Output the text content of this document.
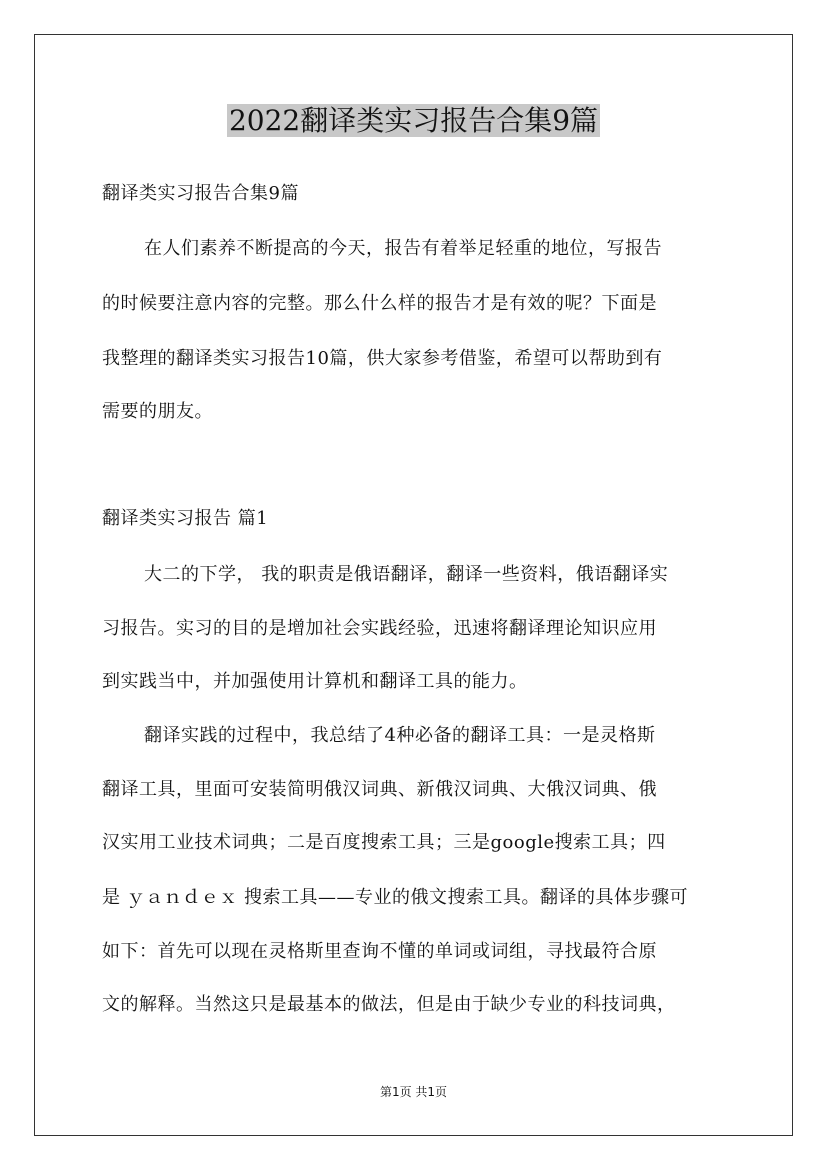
2022翻译类实习报告合集9篇
翻译类实习报告合集9篇
在人们素养不断提高的今天，报告有着举足轻重的地位，写报告
的时候要注意内容的完整。那么什么样的报告才是有效的呢？下面是
我整理的翻译类实习报告10篇，供大家参考借鉴，希望可以帮助到有
需要的朋友。
翻译类实习报告 篇1
大二的下学， 我的职责是俄语翻译，翻译一些资料，俄语翻译实
习报告。实习的目的是增加社会实践经验，迅速将翻译理论知识应用
到实践当中，并加强使用计算机和翻译工具的能力。
翻译实践的过程中，我总结了4种必备的翻译工具：一是灵格斯
翻译工具，里面可安装简明俄汉词典、新俄汉词典、大俄汉词典、俄
汉实用工业技术词典；二是百度搜索工具；三是google搜索工具；四
是 ｙａｎｄｅｘ 搜索工具——专业的俄文搜索工具。翻译的具体步骤可
如下：首先可以现在灵格斯里查询不懂的单词或词组，寻找最符合原
文的解释。当然这只是最基本的做法，但是由于缺少专业的科技词典，
第1页 共1页
